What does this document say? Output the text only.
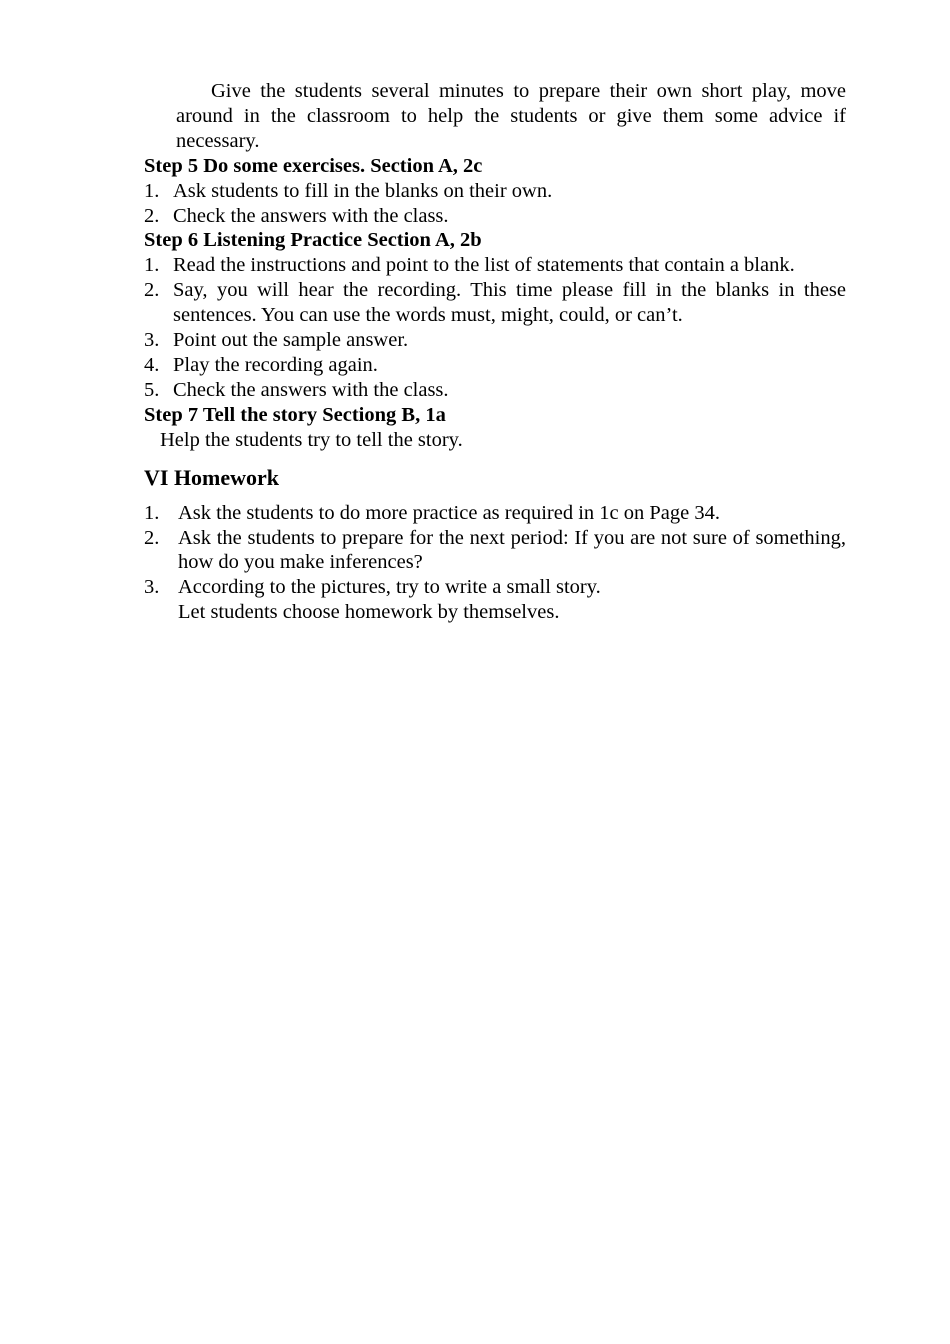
Give the students several minutes to prepare their own short play, move around in the classroom to help the students or give them some advice if necessary.

Step 5 Do some exercises. Section A, 2c

1. Ask students to fill in the blanks on their own.
2. Check the answers with the class.

Step 6 Listening Practice Section A, 2b

1. Read the instructions and point to the list of statements that contain a blank.
2. Say, you will hear the recording. This time please fill in the blanks in these sentences. You can use the words must, might, could, or can’t.
3. Point out the sample answer.
4. Play the recording again.
5. Check the answers with the class.

Step 7 Tell the story Sectiong B, 1a

Help the students try to tell the story.

VI Homework
1. Ask the students to do more practice as required in 1c on Page 34.
2. Ask the students to prepare for the next period: If you are not sure of something, how do you make inferences?
3. According to the pictures, try to write a small story.

Let students choose homework by themselves.
